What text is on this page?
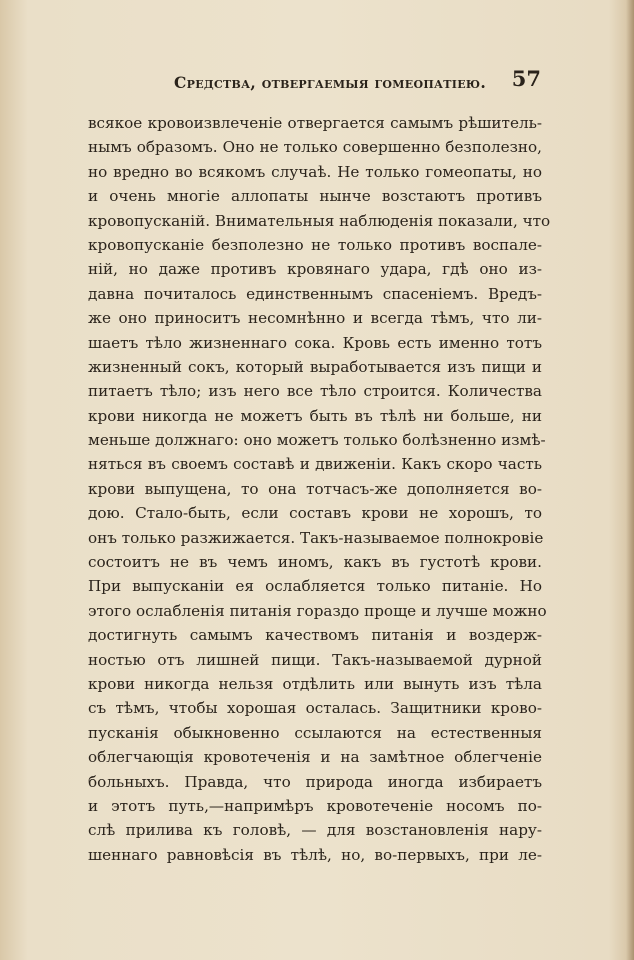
Средства, отвергаемыя гомеопатiею. 57
всякое кровоизвлеченiе отвергается самымъ рѣшитель-
нымъ образомъ. Оно не только совершенно безполезно,
но вредно во всякомъ случаѣ. Не только гомеопаты, но
и очень многiе аллопаты нынче возстаютъ противъ
кровопусканiй. Внимательныя наблюденiя показали, что
кровопусканiе безполезно не только противъ воспале-
нiй, но даже противъ кровянаго удара, гдѣ оно из-
давна почиталось единственнымъ спасенiемъ. Вредъ-
же оно приноситъ несомнѣнно и всегда тѣмъ, что ли-
шаетъ тѣло жизненнаго сока. Кровь есть именно тотъ
жизненный сокъ, который выработывается изъ пищи и
питаетъ тѣло; изъ него все тѣло строится. Количества
крови никогда не можетъ быть въ тѣлѣ ни больше, ни
меньше должнаго: оно можетъ только болѣзненно измѣ-
няться въ своемъ составѣ и движенiи. Какъ скоро часть
крови выпущена, то она тотчасъ-же дополняется во-
дою. Стало-быть, если составъ крови не хорошъ, то
онъ только разжижается. Такъ-называемое полнокровiе
состоитъ не въ чемъ иномъ, какъ въ густотѣ крови.
При выпусканiи ея ослабляется только питанiе. Но
этого ослабленiя питанiя гораздо проще и лучше можно
достигнуть самымъ качествомъ питанiя и воздерж-
ностью отъ лишней пищи. Такъ-называемой дурной
крови никогда нельзя отдѣлить или вынуть изъ тѣла
съ тѣмъ, чтобы хорошая осталась. Защитники крово-
пусканiя обыкновенно ссылаются на естественныя
облегчающiя кровотеченiя и на замѣтное облегченiе
больныхъ. Правда, что природа иногда избираетъ
и этотъ путь,—напримѣръ кровотеченiе носомъ по-
слѣ прилива къ головѣ, — для возстановленiя нару-
шеннаго равновѣсiя въ тѣлѣ, но, во-первыхъ, при ле-
